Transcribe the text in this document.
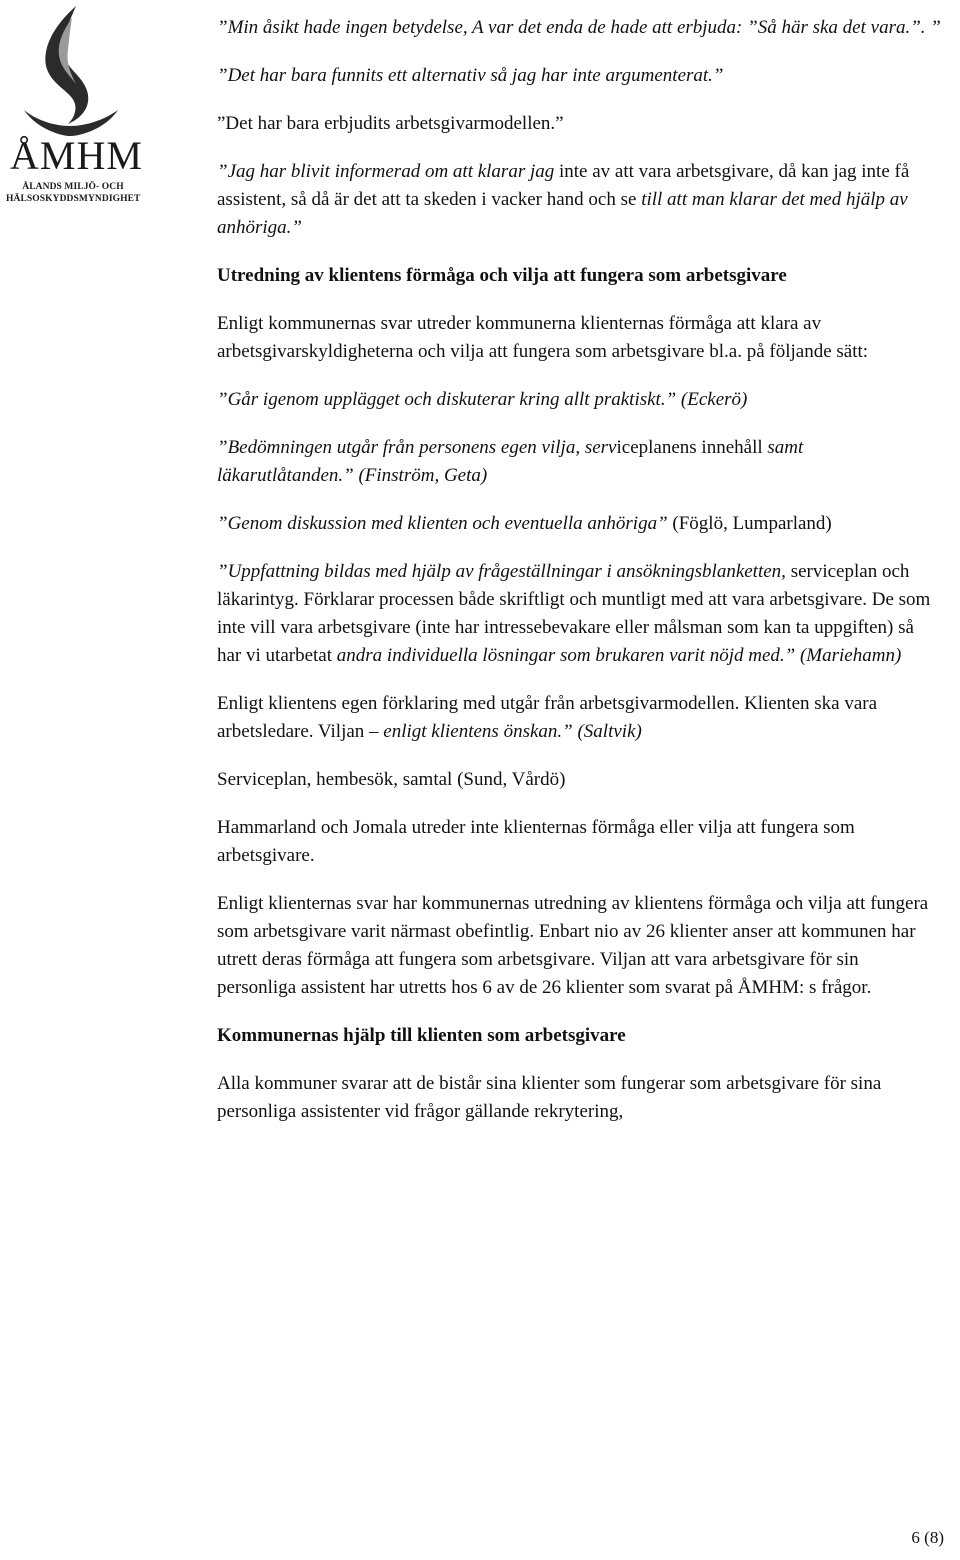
ÅMHM
ÅLANDS MILJÖ- OCH
HÄLSOSKYDDSMYNDIGHET

”Min åsikt hade ingen betydelse, A var det enda de hade att erbjuda: ”Så här ska det vara.”. ”

”Det har bara funnits ett alternativ så jag har inte argumenterat.”

”Det har bara erbjudits arbetsgivarmodellen.”

”Jag har blivit informerad om att klarar jag inte av att vara arbetsgivare, då kan jag inte få assistent, så då är det att ta skeden i vacker hand och se till att man klarar det med hjälp av anhöriga.”

Utredning av klientens förmåga och vilja att fungera som arbetsgivare

Enligt kommunernas svar utreder kommunerna klienternas förmåga att klara av arbetsgivarskyldigheterna och vilja att fungera som arbetsgivare bl.a. på följande sätt:

”Går igenom upplägget och diskuterar kring allt praktiskt.” (Eckerö)

”Bedömningen utgår från personens egen vilja, serviceplanens innehåll samt läkarutlåtanden.” (Finström, Geta)

”Genom diskussion med klienten och eventuella anhöriga” (Föglö, Lumparland)

”Uppfattning bildas med hjälp av frågeställningar i ansökningsblanketten, serviceplan och läkarintyg. Förklarar processen både skriftligt och muntligt med att vara arbetsgivare. De som inte vill vara arbetsgivare (inte har intressebevakare eller målsman som kan ta uppgiften) så har vi utarbetat andra individuella lösningar som brukaren varit nöjd med.” (Mariehamn)

Enligt klientens egen förklaring med utgår från arbetsgivarmodellen. Klienten ska vara arbetsledare. Viljan – enligt klientens önskan.” (Saltvik)

Serviceplan, hembesök, samtal (Sund, Vårdö)

Hammarland och Jomala utreder inte klienternas förmåga eller vilja att fungera som arbetsgivare.

Enligt klienternas svar har kommunernas utredning av klientens förmåga och vilja att fungera som arbetsgivare varit närmast obefintlig. Enbart nio av 26 klienter anser att kommunen har utrett deras förmåga att fungera som arbetsgivare. Viljan att vara arbetsgivare för sin personliga assistent har utretts hos 6 av de 26 klienter som svarat på ÅMHM: s frågor.

Kommunernas hjälp till klienten som arbetsgivare

Alla kommuner svarar att de bistår sina klienter som fungerar som arbetsgivare för sina personliga assistenter vid frågor gällande rekrytering,

6 (8)
